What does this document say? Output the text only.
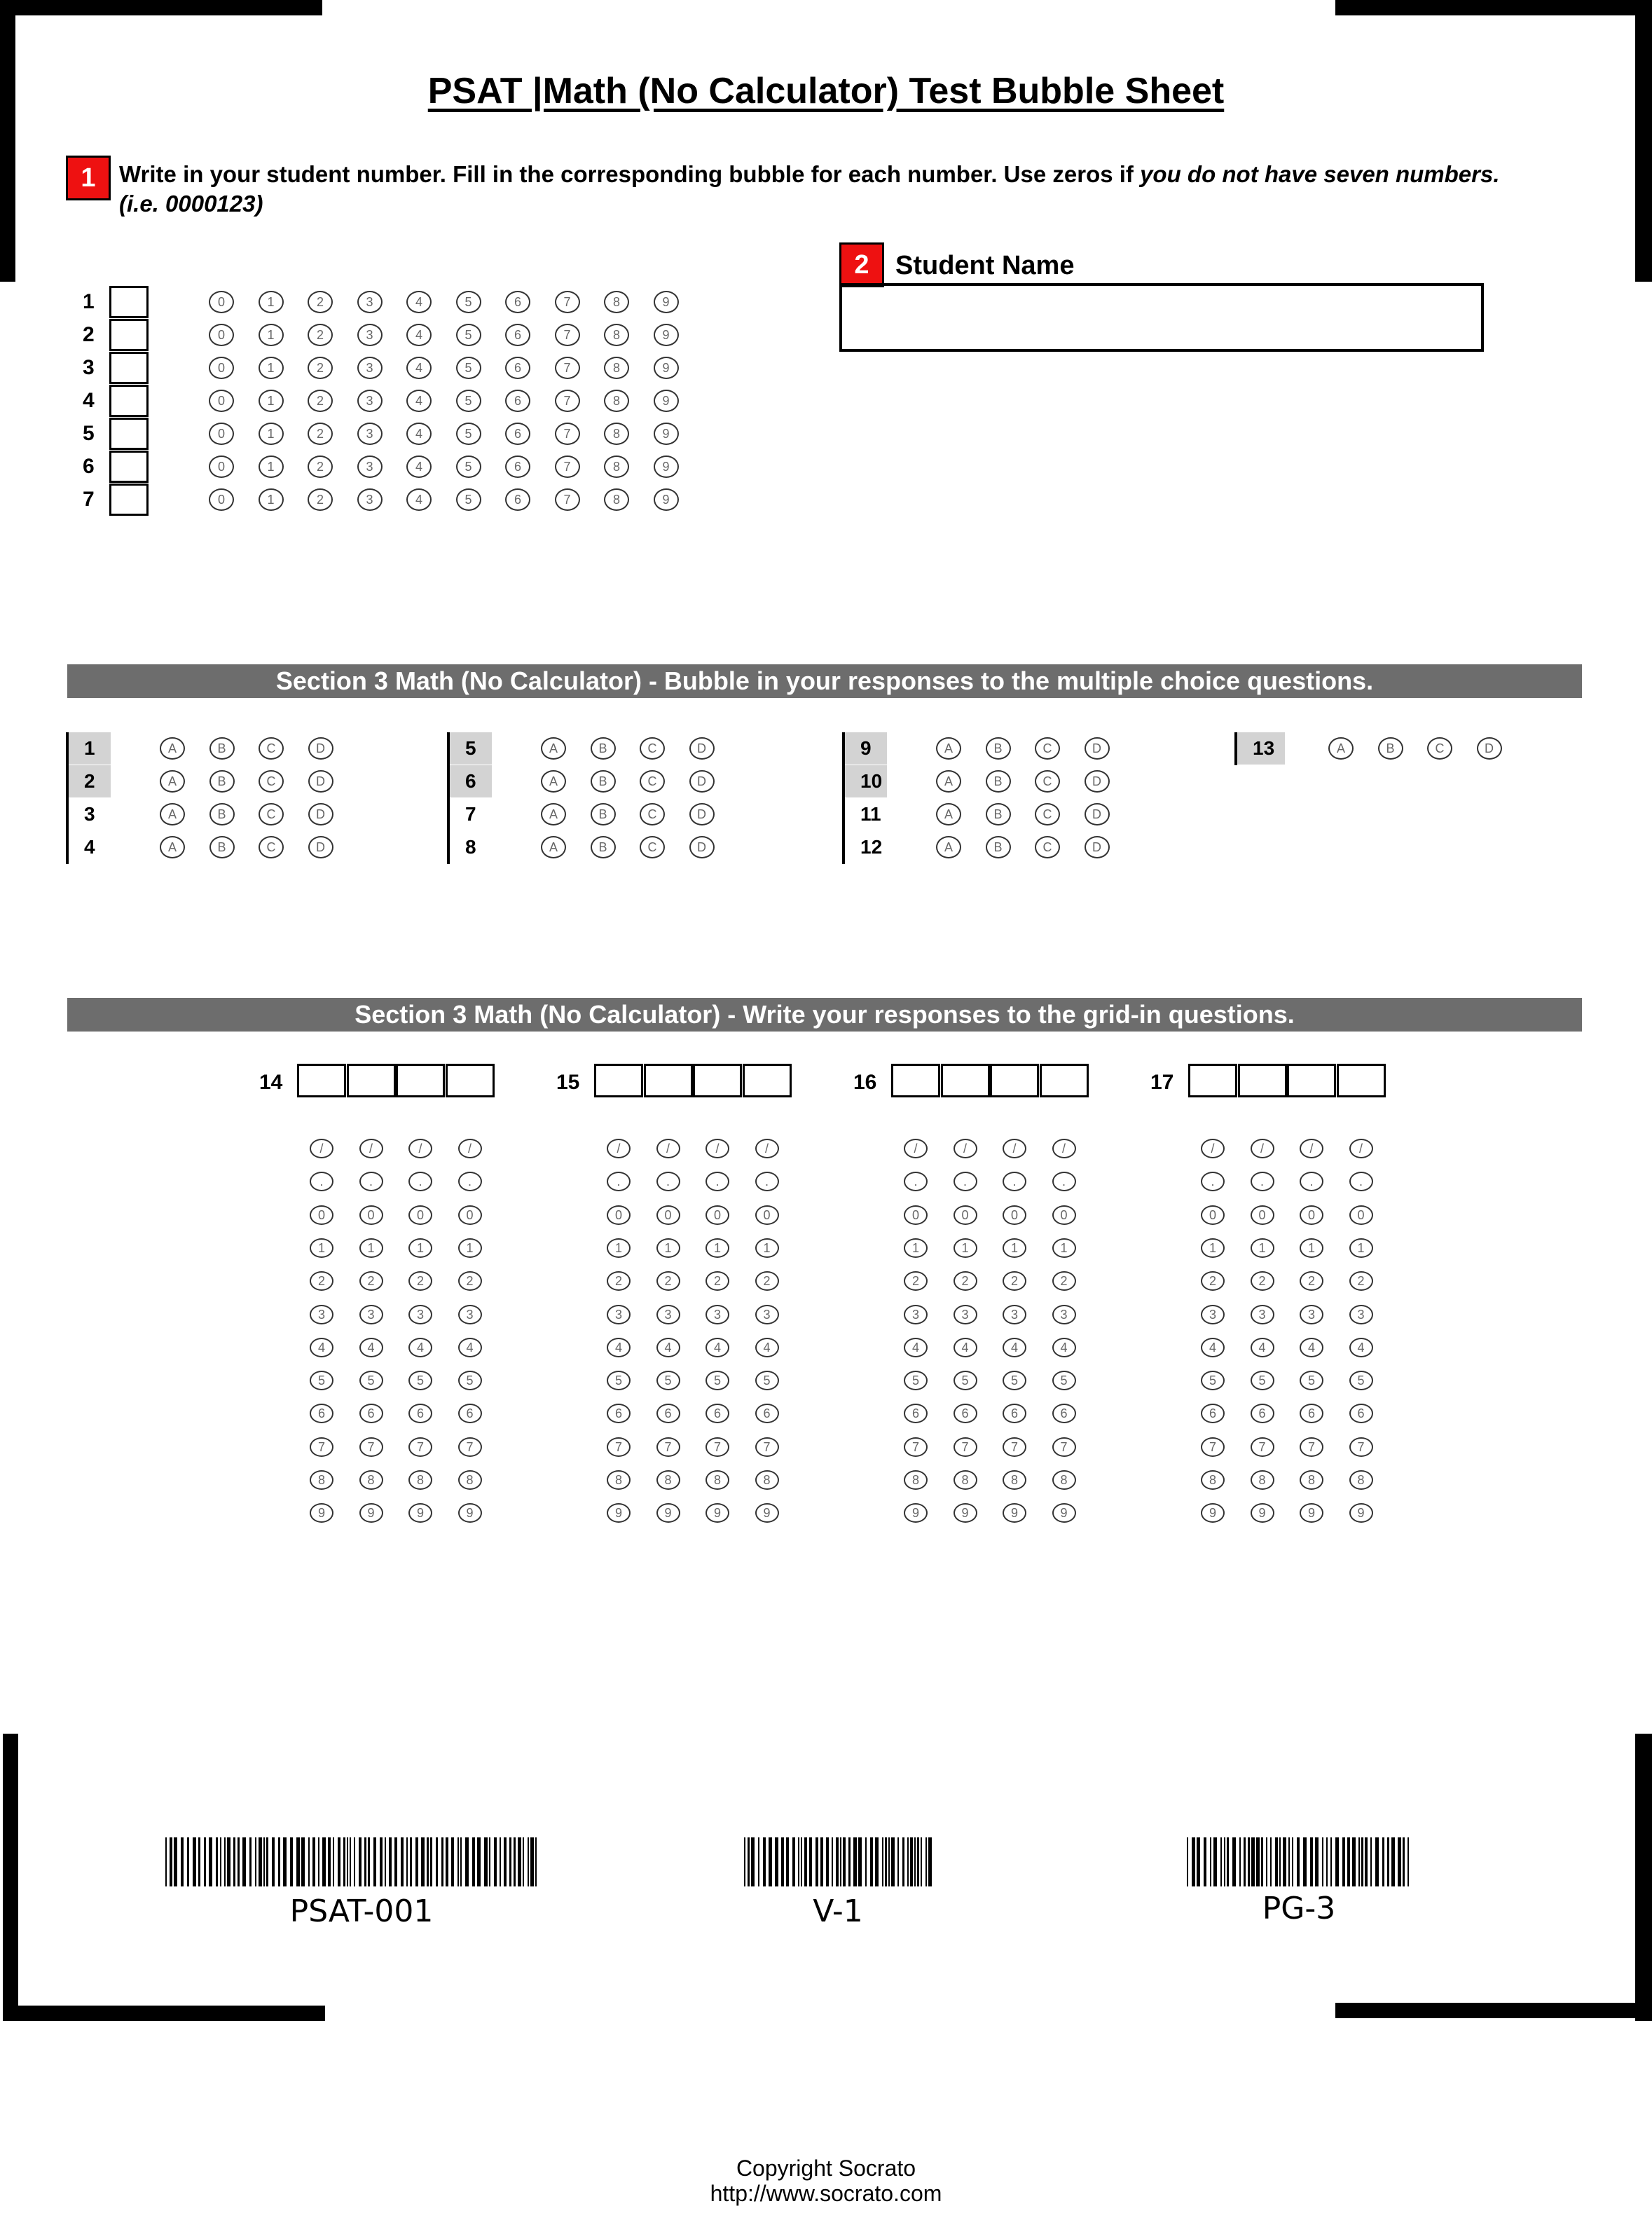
PSAT |Math (No Calculator) Test Bubble Sheet
1	Write in your student number. Fill in the corresponding bubble for each number. Use zeros if you do not have seven numbers. (i.e. 0000123)
2 Student Name
1	0	1	2	3	4	5	6	7	8	9
2	0	1	2	3	4	5	6	7	8	9
3	0	1	2	3	4	5	6	7	8	9
4	0	1	2	3	4	5	6	7	8	9
5	0	1	2	3	4	5	6	7	8	9
6	0	1	2	3	4	5	6	7	8	9
7	0	1	2	3	4	5	6	7	8	9
Section 3 Math (No Calculator) - Bubble in your responses to the multiple choice questions.
1	A	B	C	D
2	A	B	C	D
3	A	B	C	D
4	A	B	C	D
5	A	B	C	D
6	A	B	C	D
7	A	B	C	D
8	A	B	C	D
9	A	B	C	D
10	A	B	C	D
11	A	B	C	D
12	A	B	C	D
13	A	B	C	D
Section 3 Math (No Calculator) - Write your responses to the grid-in questions.
14
/	/	/	/
.	.	.	.
0	0	0	0
1	1	1	1
2	2	2	2
3	3	3	3
4	4	4	4
5	5	5	5
6	6	6	6
7	7	7	7
8	8	8	8
9	9	9	9
15
/	/	/	/
.	.	.	.
0	0	0	0
1	1	1	1
2	2	2	2
3	3	3	3
4	4	4	4
5	5	5	5
6	6	6	6
7	7	7	7
8	8	8	8
9	9	9	9
16
/	/	/	/
.	.	.	.
0	0	0	0
1	1	1	1
2	2	2	2
3	3	3	3
4	4	4	4
5	5	5	5
6	6	6	6
7	7	7	7
8	8	8	8
9	9	9	9
17
/	/	/	/
.	.	.	.
0	0	0	0
1	1	1	1
2	2	2	2
3	3	3	3
4	4	4	4
5	5	5	5
6	6	6	6
7	7	7	7
8	8	8	8
9	9	9	9
PSAT-001	V-1	PG-3
Copyright Socrato
http://www.socrato.com
